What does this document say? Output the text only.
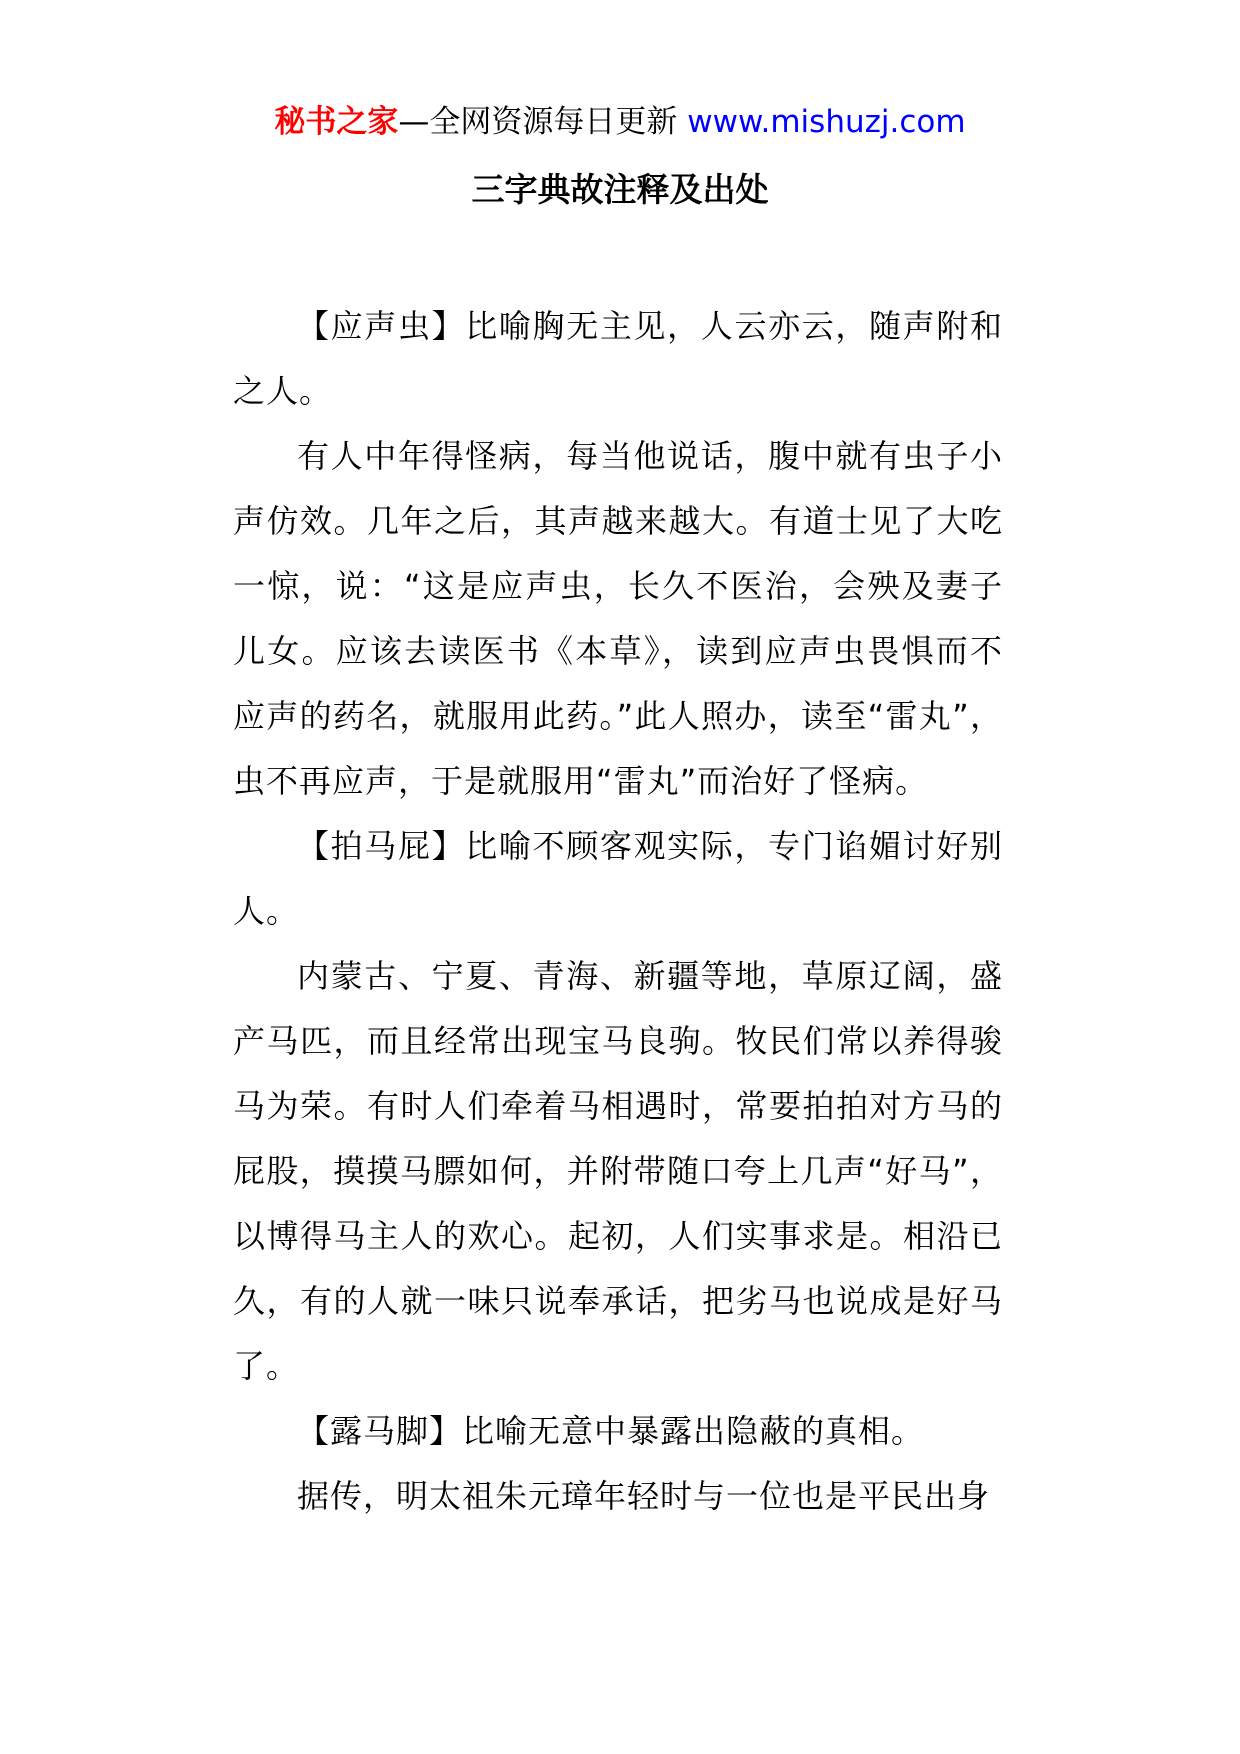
秘书之家—全网资源每日更新 www.mishuzj.com
三字典故注释及出处

【应声虫】比喻胸无主见，人云亦云，随声附和之人。

有人中年得怪病，每当他说话，腹中就有虫子小声仿效。几年之后，其声越来越大。有道士见了大吃一惊，说：“这是应声虫，长久不医治，会殃及妻子儿女。应该去读医书《本草》，读到应声虫畏惧而不应声的药名，就服用此药。”此人照办，读至“雷丸”，虫不再应声，于是就服用“雷丸”而治好了怪病。

【拍马屁】比喻不顾客观实际，专门谄媚讨好别人。

内蒙古、宁夏、青海、新疆等地，草原辽阔，盛产马匹，而且经常出现宝马良驹。牧民们常以养得骏马为荣。有时人们牵着马相遇时，常要拍拍对方马的屁股，摸摸马膘如何，并附带随口夸上几声“好马”，以博得马主人的欢心。起初，人们实事求是。相沿已久，有的人就一味只说奉承话，把劣马也说成是好马了。

【露马脚】比喻无意中暴露出隐蔽的真相。

据传，明太祖朱元璋年轻时与一位也是平民出身
